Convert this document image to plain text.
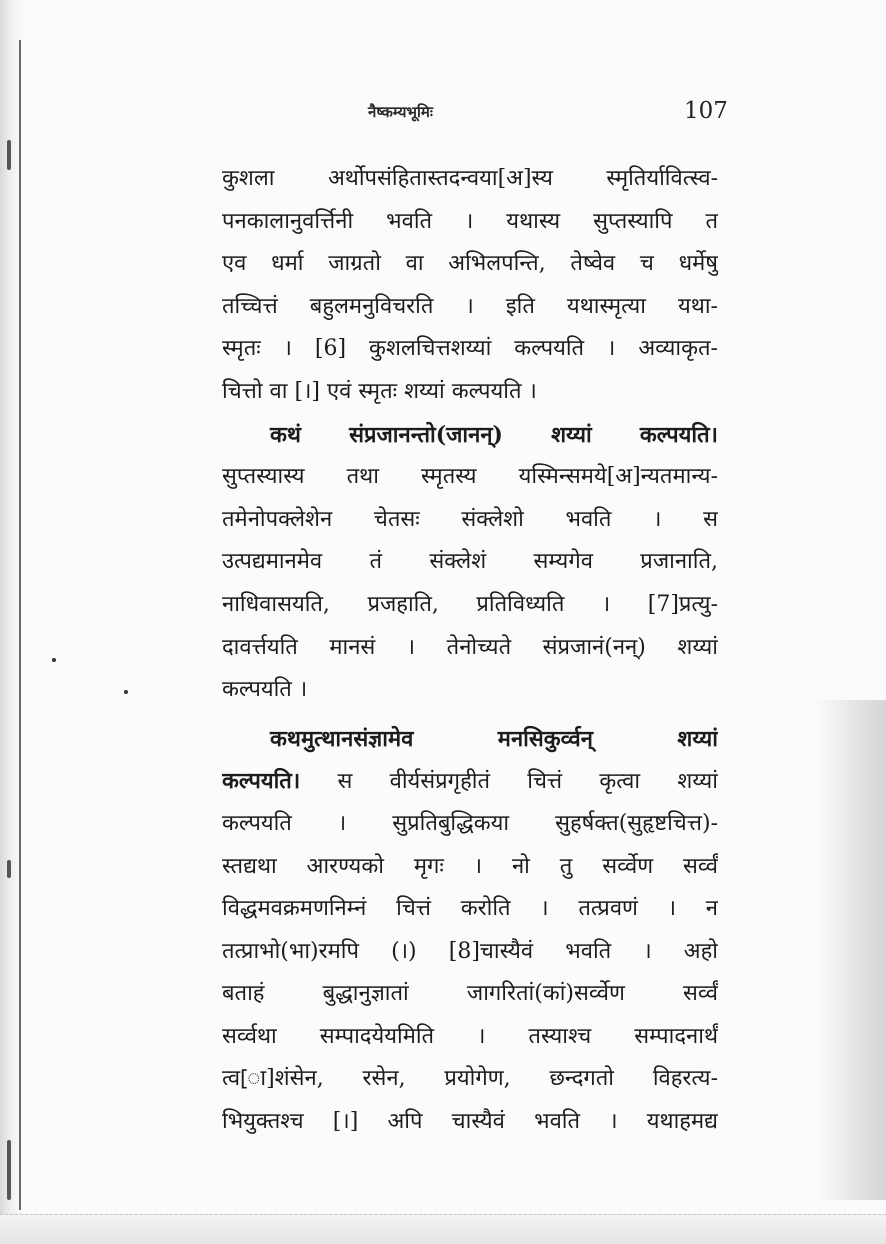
नैष्कम्यभूमिः	107
कुशला अर्थोपसंहितास्तदन्वया[अ]स्य स्मृतिर्यावित्स्व-
पनकालानुवर्त्तिनी भवति । यथास्य सुप्तस्यापि त
एव धर्मा जाग्रतो वा अभिलपन्ति, तेष्वेव च धर्मेषु
तच्चित्तं बहुलमनुविचरति । इति यथास्मृत्या यथा-
स्मृतः । [6] कुशलचित्तशय्यां कल्पयति । अव्याकृत-
चित्तो वा [।] एवं स्मृतः शय्यां कल्पयति ।
कथं संप्रजानन्तो(जानन्) शय्यां कल्पयति।
सुप्तस्यास्य तथा स्मृतस्य यस्मिन्समये[अ]न्यतमान्य-
तमेनोपक्लेशेन चेतसः संक्लेशो भवति । स
उत्पद्यमानमेव तं संक्लेशं सम्यगेव प्रजानाति,
नाधिवासयति, प्रजहाति, प्रतिविध्यति । [7]प्रत्यु-
दावर्त्तयति मानसं । तेनोच्यते संप्रजानं(नन्) शय्यां
कल्पयति ।
कथमुत्थानसंज्ञामेव मनसिकुर्व्वन् शय्यां
कल्पयति। स वीर्यसंप्रगृहीतं चित्तं कृत्वा शय्यां
कल्पयति । सुप्रतिबुद्धिकया सुहर्षक्त(सुहृष्टचित्त)-
स्तद्यथा आरण्यको मृगः । नो तु सर्व्वेण सर्व्वं
विद्धमवक्रमणनिम्नं चित्तं करोति । तत्प्रवणं । न
तत्प्राभो(भा)रमपि (।) [8]चास्यैवं भवति । अहो
बताहं बुद्धानुज्ञातां जागरितां(कां)सर्व्वेण सर्व्वं
सर्व्वथा सम्पादयेयमिति । तस्याश्च सम्पादनार्थं
त्व[ा]शंसेन, रसेन, प्रयोगेण, छन्दगतो विहरत्य-
भियुक्तश्च [।] अपि चास्यैवं भवति । यथाहमद्य
